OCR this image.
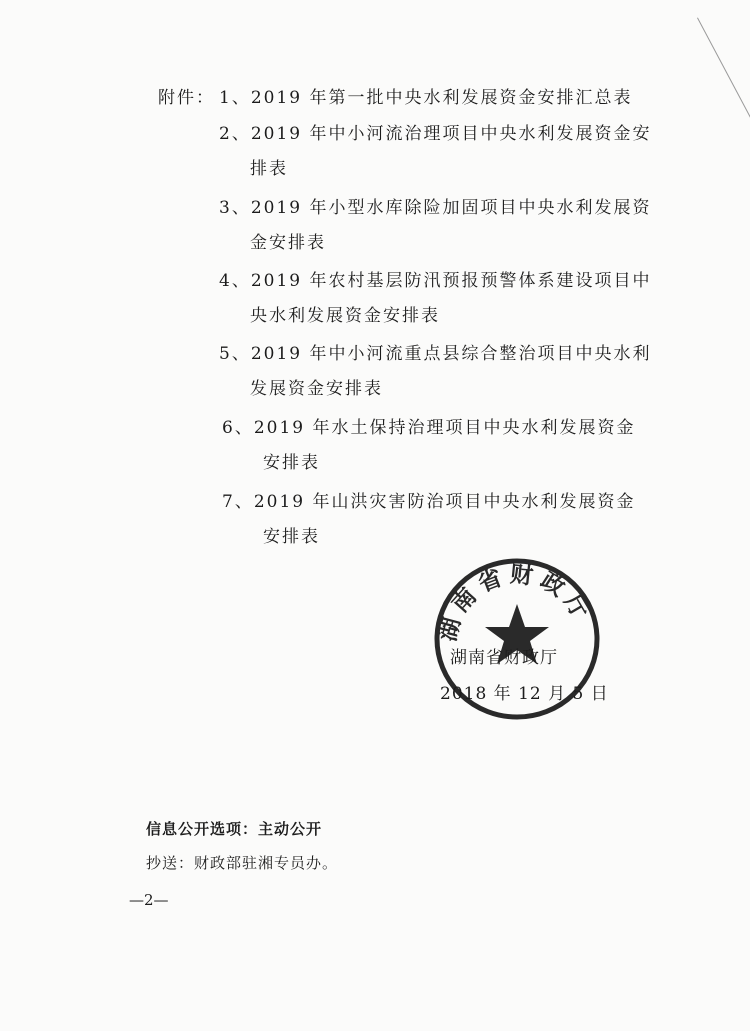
附件： 1、2019 年第一批中央水利发展资金安排汇总表
2、2019 年中小河流治理项目中央水利发展资金安
排表
3、2019 年小型水库除险加固项目中央水利发展资
金安排表
4、2019 年农村基层防汛预报预警体系建设项目中
央水利发展资金安排表
5、2019 年中小河流重点县综合整治项目中央水利
发展资金安排表
6、2019 年水土保持治理项目中央水利发展资金
安排表
7、2019 年山洪灾害防治项目中央水利发展资金
安排表
湖南省财政厅
湖南省财政厅
2018 年 12 月 5 日
信息公开选项：主动公开
抄送：财政部驻湘专员办。
—2—
